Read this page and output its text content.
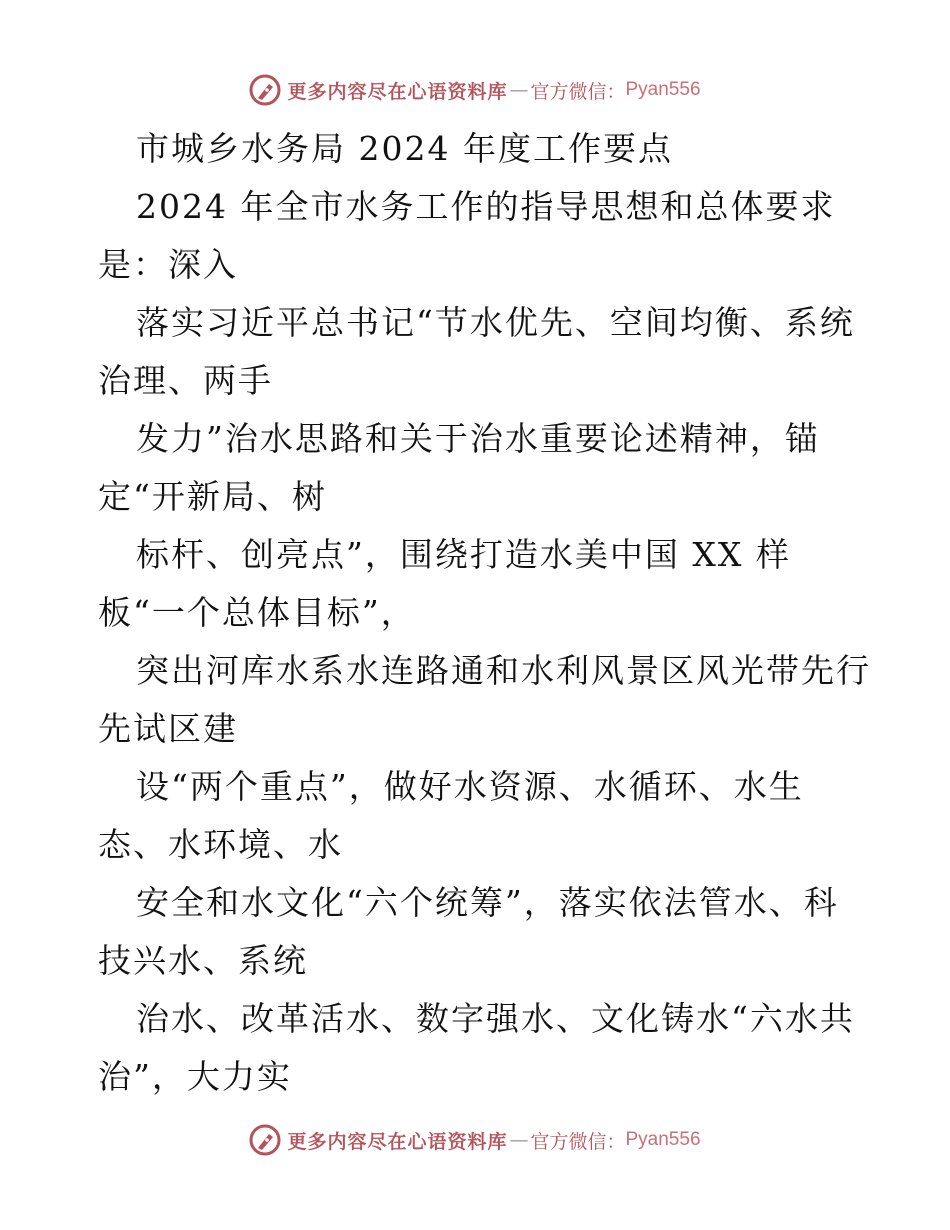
更多内容尽在心语资料库 — 官方微信： Pyan556
市城乡水务局 2024 年度工作要点
2024 年全市水务工作的指导思想和总体要求
是：深入
落实习近平总书记“节水优先、空间均衡、系统
治理、两手
发力”治水思路和关于治水重要论述精神，锚
定“开新局、树
标杆、创亮点”，围绕打造水美中国 XX 样
板“一个总体目标”，
突出河库水系水连路通和水利风景区风光带先行
先试区建
设“两个重点”，做好水资源、水循环、水生
态、水环境、水
安全和水文化“六个统筹”，落实依法管水、科
技兴水、系统
治水、改革活水、数字强水、文化铸水“六水共
治”，大力实
更多内容尽在心语资料库 — 官方微信： Pyan556
